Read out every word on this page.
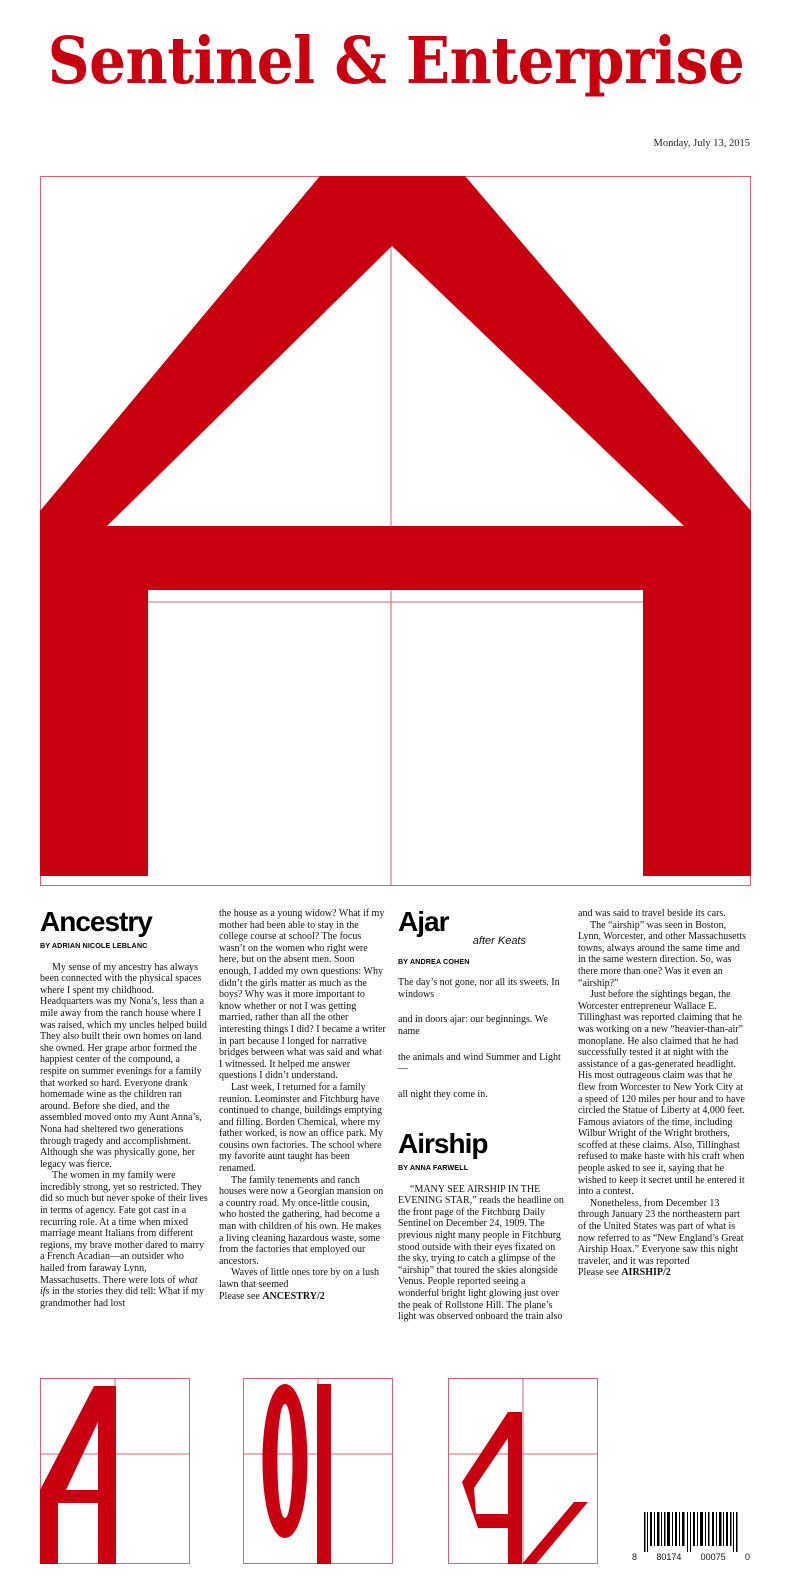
Sentinel & Enterprise
Monday, July 13, 2015
Ancestry
BY ADRIAN NICOLE LEBLANC

My sense of my ancestry has always been connected with the physical spaces where I spent my childhood. Headquarters was my Nona’s, less than a mile away from the ranch house where I was raised, which my uncles helped build They also built their own homes on land she owned. Her grape arbor formed the happiest center of the compound, a respite on summer evenings for a family that worked so hard. Everyone drank homemade wine as the children ran around. Before she died, and the assembled moved onto my Aunt Anna’s, Nona had sheltered two generations through tragedy and accomplishment. Although she was physically gone, her legacy was fierce.

The women in my family were incredibly strong, yet so restricted. They did so much but never spoke of their lives in terms of agency. Fate got cast in a recurring role. At a time when mixed marriage meant Italians from different regions, my brave mother dared to marry a French Acadian—an outsider who hailed from faraway Lynn, Massachusetts. There were lots of what ifs in the stories they did tell: What if my grandmother had lost

the house as a young widow? What if my mother had been able to stay in the college course at school? The focus wasn’t on the women who right were here, but on the absent men. Soon enough, I added my own questions: Why didn’t the girls matter as much as the boys? Why was it more important to know whether or not I was getting married, rather than all the other interesting things I did? I became a writer in part because I longed for narrative bridges between what was said and what I witnessed. It helped me answer questions I didn’t understand.

Last week, I returned for a family reunion. Leominster and Fitchburg have continued to change, buildings emptying and filling. Borden Chemical, where my father worked, is now an office park. My cousins own factories. The school where my favorite aunt taught has been renamed.

The family tenements and ranch houses were now a Georgian mansion on a country road. My once-little cousin, who hosted the gathering, had become a man with children of his own. He makes a living cleaning hazardous waste, some from the factories that employed our ancestors.

Waves of little ones tore by on a lush lawn that seemed

Please see ANCESTRY/2

Ajar
after Keats
BY ANDREA COHEN

The day’s not gone, nor all its sweets. In windows

and in doors ajar: our beginnings. We name

the animals and wind Summer and Light—

all night they come in.

Airship
BY ANNA FARWELL

“MANY SEE AIRSHIP IN THE EVENING STAR,” reads the headline on the front page of the Fitchburg Daily Sentinel on December 24, 1909. The previous night many people in Fitchburg stood outside with their eyes fixated on the sky, trying to catch a glimpse of the “airship” that toured the skies alongside Venus. People reported seeing a wonderful bright light glowing just over the peak of Rollstone Hill. The plane’s light was observed onboard the train also

and was said to travel beside its cars.

The “airship” was seen in Boston, Lynn, Worcester, and other Massachusetts towns, always around the same time and in the same western direction. So, was there more than one? Was it even an “airship?”

Just before the sightings began, the Worcester entrepreneur Wallace E. Tillinghast was reported claiming that he was working on a new “heavier-than-air” monoplane. He also claimed that he had successfully tested it at night with the assistance of a gas-generated headlight. His most outrageous claim was that he flew from Worcester to New York City at a speed of 120 miles per hour and to have circled the Statue of Liberty at 4,000 feet. Famous aviators of the time, including Wilbur Wright of the Wright brothers, scoffed at these claims. Also, Tillinghast refused to make haste with his craft when people asked to see it, saying that he wished to keep it secret until he entered it into a contest.

Nonetheless, from December 13 through January 23 the northeastern part of the United States was part of what is now referred to as “New England’s Great Airship Hoax.” Everyone saw this night traveler, and it was reported

Please see AIRSHIP/2

8 80174 00075 0
